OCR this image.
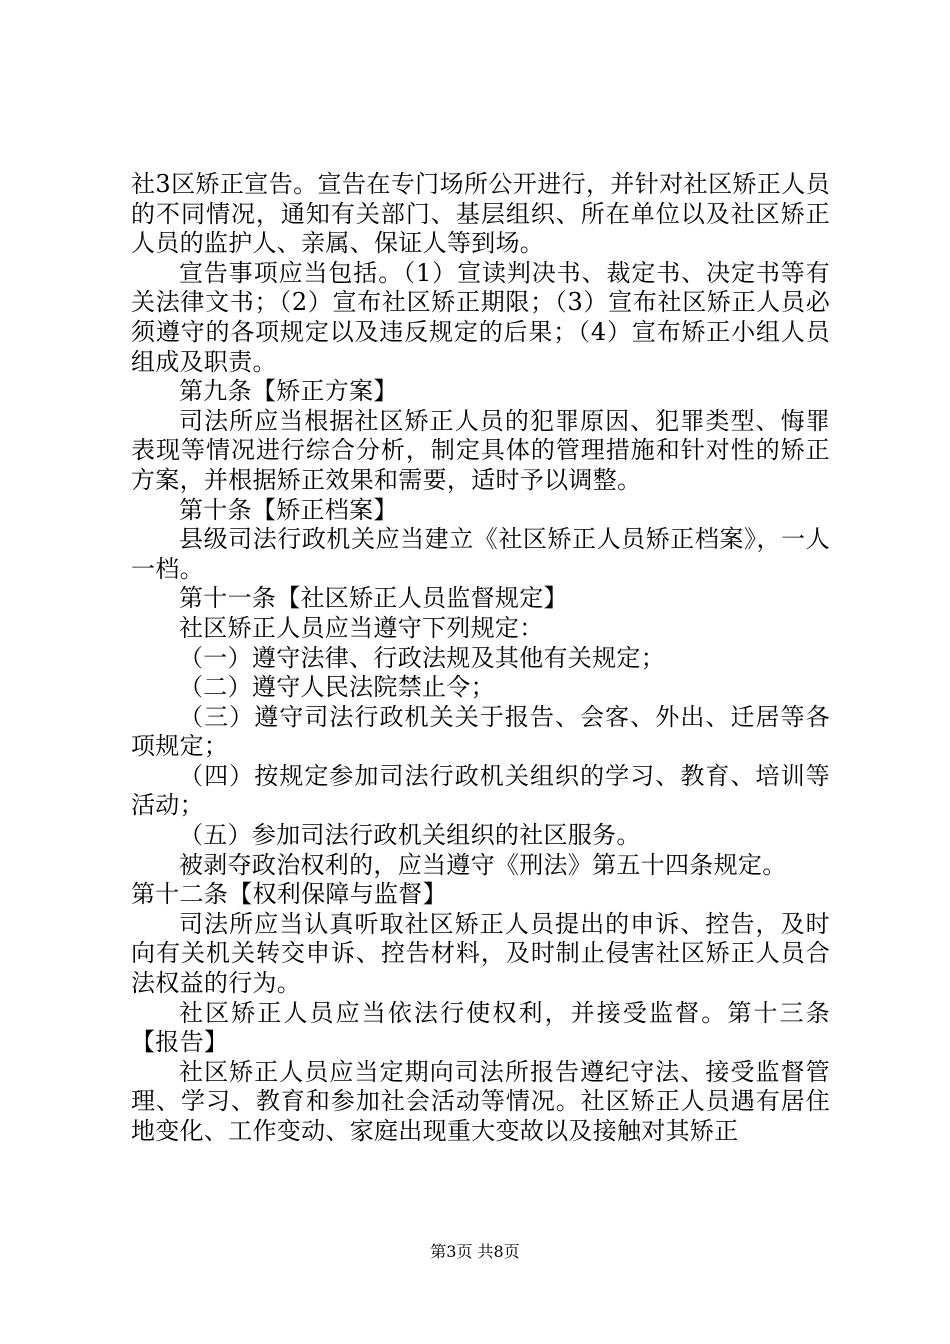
社3区矫正宣告。宣告在专门场所公开进行，并针对社区矫正人员的不同情况，通知有关部门、基层组织、所在单位以及社区矫正人员的监护人、亲属、保证人等到场。

宣告事项应当包括。（1）宣读判决书、裁定书、决定书等有关法律文书；（2）宣布社区矫正期限；（3）宣布社区矫正人员必须遵守的各项规定以及违反规定的后果；（4）宣布矫正小组人员组成及职责。

第九条【矫正方案】

司法所应当根据社区矫正人员的犯罪原因、犯罪类型、悔罪表现等情况进行综合分析，制定具体的管理措施和针对性的矫正方案，并根据矫正效果和需要，适时予以调整。

第十条【矫正档案】

县级司法行政机关应当建立《社区矫正人员矫正档案》，一人一档。

第十一条【社区矫正人员监督规定】

社区矫正人员应当遵守下列规定：

（一）遵守法律、行政法规及其他有关规定；

（二）遵守人民法院禁止令；

（三）遵守司法行政机关关于报告、会客、外出、迁居等各项规定；

（四）按规定参加司法行政机关组织的学习、教育、培训等活动；

（五）参加司法行政机关组织的社区服务。

被剥夺政治权利的，应当遵守《刑法》第五十四条规定。

第十二条【权利保障与监督】

司法所应当认真听取社区矫正人员提出的申诉、控告，及时向有关机关转交申诉、控告材料，及时制止侵害社区矫正人员合法权益的行为。

社区矫正人员应当依法行使权利，并接受监督。第十三条【报告】

社区矫正人员应当定期向司法所报告遵纪守法、接受监督管理、学习、教育和参加社会活动等情况。社区矫正人员遇有居住地变化、工作变动、家庭出现重大变故以及接触对其矫正

第3页 共8页
